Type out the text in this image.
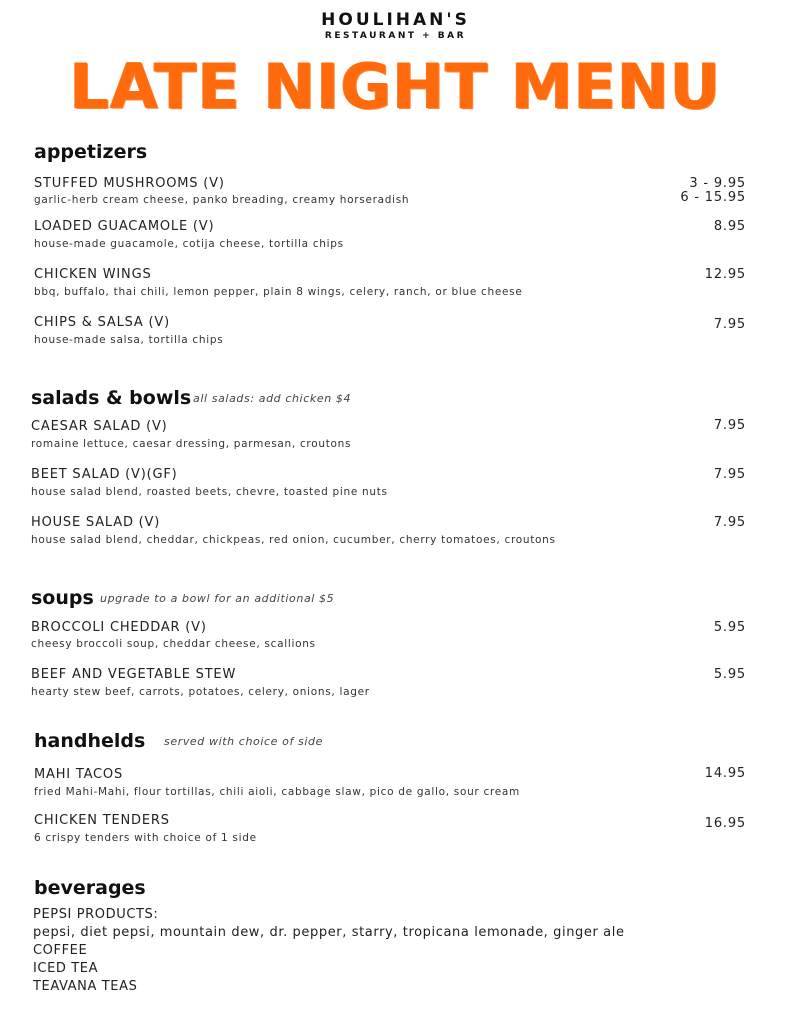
HOULIHAN'S
RESTAURANT + BAR
LATE NIGHT MENU
appetizers
STUFFED MUSHROOMS (V)
garlic-herb cream cheese, panko breading, creamy horseradish
3 - 9.95
6 - 15.95
LOADED GUACAMOLE (V)
house-made guacamole, cotija cheese, tortilla chips
8.95
CHICKEN WINGS
bbq, buffalo, thai chili, lemon pepper, plain 8 wings, celery, ranch, or blue cheese
12.95
CHIPS & SALSA (V)
house-made salsa, tortilla chips
7.95
salads & bowls all salads: add chicken $4
CAESAR SALAD (V)
romaine lettuce, caesar dressing, parmesan, croutons
7.95
BEET SALAD (V)(GF)
house salad blend, roasted beets, chevre, toasted pine nuts
7.95
HOUSE SALAD (V)
house salad blend, cheddar, chickpeas, red onion, cucumber, cherry tomatoes, croutons
7.95
soups upgrade to a bowl for an additional $5
BROCCOLI CHEDDAR (V)
cheesy broccoli soup, cheddar cheese, scallions
5.95
BEEF AND VEGETABLE STEW
hearty stew beef, carrots, potatoes, celery, onions, lager
5.95
handhelds served with choice of side
MAHI TACOS
fried Mahi-Mahi, flour tortillas, chili aioli, cabbage slaw, pico de gallo, sour cream
14.95
CHICKEN TENDERS
6 crispy tenders with choice of 1 side
16.95
beverages
PEPSI PRODUCTS:
pepsi, diet pepsi, mountain dew, dr. pepper, starry, tropicana lemonade, ginger ale
COFFEE
ICED TEA
TEAVANA TEAS
